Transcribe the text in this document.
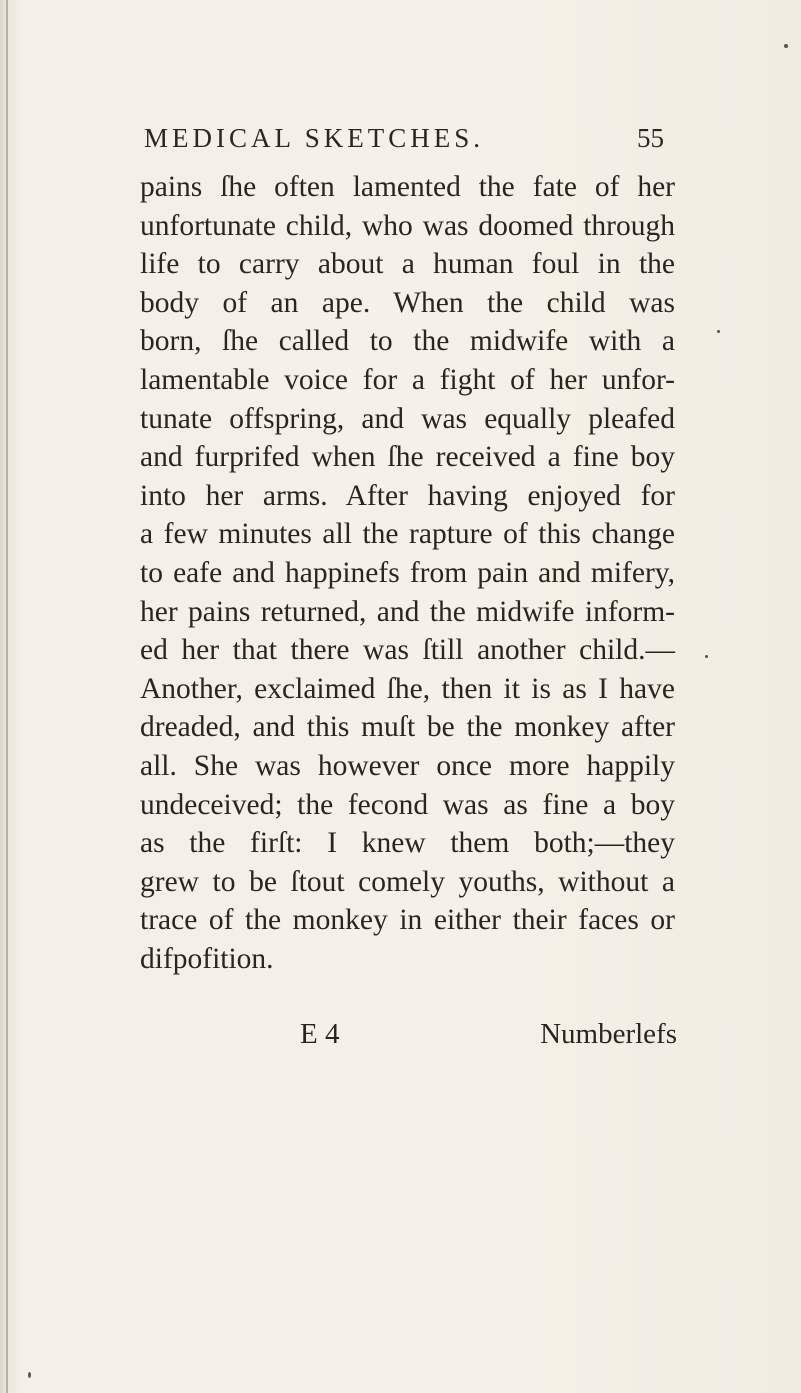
MEDICAL SKETCHES.	55
pains ſhe often lamented the fate of her
unfortunate child, who was doomed through
life to carry about a human foul in the
body of an ape. When the child was
born, ſhe called to the midwife with a
lamentable voice for a fight of her unfor-
tunate offspring, and was equally pleafed
and furprifed when ſhe received a fine boy
into her arms. After having enjoyed for
a few minutes all the rapture of this change
to eafe and happinefs from pain and mifery,
her pains returned, and the midwife inform-
ed her that there was ſtill another child.—
Another, exclaimed ſhe, then it is as I have
dreaded, and this muſt be the monkey after
all. She was however once more happily
undeceived; the fecond was as fine a boy
as the firſt: I knew them both;—they
grew to be ſtout comely youths, without a
trace of the monkey in either their faces or
difpofition.
E 4	Numberlefs
